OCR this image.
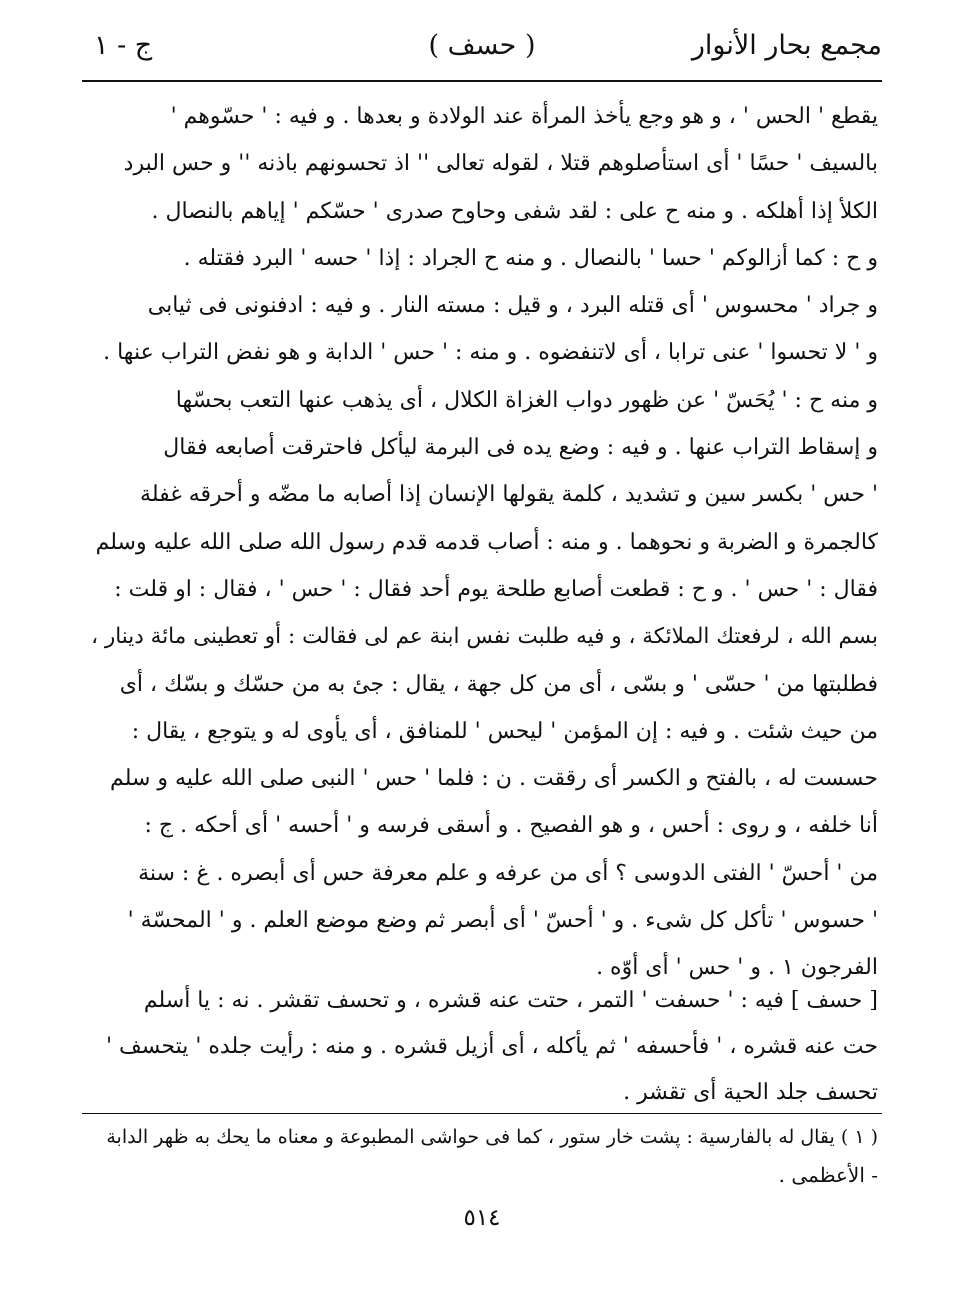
مجمع بحار الأنوار
( حسف )
ج - ١
يقطع ' الحس ' ، و هو وجع يأخذ المرأة عند الولادة و بعدها . و فيه : ' حسّوهم '
بالسيف ' حسًا ' أى استأصلوهم قتلا ، لقوله تعالى '' اذ تحسونهم باذنه '' و حس البرد
الكلأ إذا أهلكه . و منه ح علی : لقد شفى وحاوح صدرى ' حسّكم ' إياهم بالنصال .
و ح : كما أزالوكم ' حسا ' بالنصال . و منه ح الجراد : إذا ' حسه ' البرد فقتله .
و جراد ' محسوس ' أى قتله البرد ، و قيل : مسته النار . و فيه : ادفنونى فى ثيابى
و ' لا تحسوا ' عنى ترابا ، أى لاتنفضوه . و منه : ' حس ' الدابة و هو نفض التراب عنها .
و منه ح : ' يُحَسّ ' عن ظهور دواب الغزاة الكلال ، أى يذهب عنها التعب بحسّها
و إسقاط التراب عنها . و فيه : وضع يده فى البرمة ليأكل فاحترقت أصابعه فقال
' حس ' بكسر سين و تشديد ، كلمة يقولها الإنسان إذا أصابه ما مضّه و أحرقه غفلة
كالجمرة و الضربة و نحوهما . و منه : أصاب قدمه قدم رسول الله صلى الله عليه وسلم
فقال : ' حس ' . و ح : قطعت أصابع طلحة يوم أحد فقال : ' حس ' ، فقال : او قلت :
بسم الله ، لرفعتك الملائكة ، و فيه طلبت نفس ابنة عم لى فقالت : أو تعطينى مائة دينار ،
فطلبتها من ' حسّى ' و بسّى ، أى من كل جهة ، يقال : جئ به من حسّك و بسّك ، أى
من حيث شئت . و فيه : إن المؤمن ' ليحس ' للمنافق ، أى يأوى له و يتوجع ، يقال :
حسست له ، بالفتح و الكسر أى رققت . ن : فلما ' حس ' النبى صلى الله عليه و سلم
أنا خلفه ، و روى : أحس ، و هو الفصيح . و أسقى فرسه و ' أحسه ' أى أحكه . ج :
من ' أحسّ ' الفتى الدوسى ؟ أى من عرفه و علم معرفة حس أى أبصره . غ : سنة
' حسوس ' تأكل كل شىء . و ' أحسّ ' أى أبصر ثم وضع موضع العلم . و ' المحسّة '
الفرجون ١ . و ' حس ' أى أوّه .
[ حسف ] فيه : ' حسفت ' التمر ، حتت عنه قشره ، و تحسف تقشر . نه : يا أسلم
حت عنه قشره ، ' فأحسفه ' ثم يأكله ، أى أزيل قشره . و منه : رأيت جلده ' يتحسف '
تحسف جلد الحية أى تقشر .
( ١ ) يقال له بالفارسية : پشت خار ستور ، كما فى حواشى المطبوعة و معناه ما يحك به ظهر الدابة
- الأعظمى .
٥١٤
